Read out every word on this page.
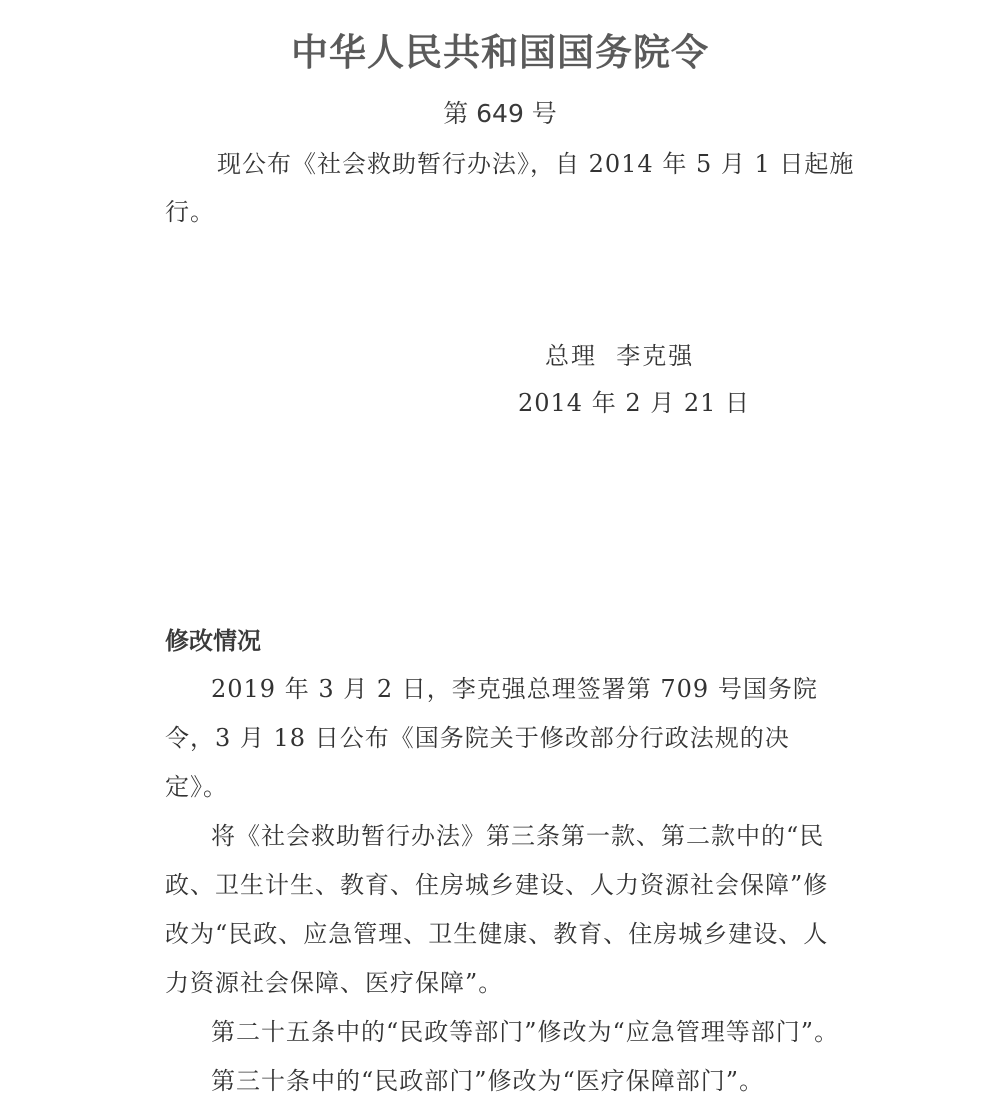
中华人民共和国国务院令
第 649 号

现公布《社会救助暂行办法》，自 2014 年 5 月 1 日起施行。

总理  李克强

2014 年 2 月 21 日

修改情况

2019 年 3 月 2 日，李克强总理签署第 709 号国务院令，3 月 18 日公布《国务院关于修改部分行政法规的决定》。

将《社会救助暂行办法》第三条第一款、第二款中的“民政、卫生计生、教育、住房城乡建设、人力资源社会保障”修改为“民政、应急管理、卫生健康、教育、住房城乡建设、人力资源社会保障、医疗保障”。

第二十五条中的“民政等部门”修改为“应急管理等部门”。

第三十条中的“民政部门”修改为“医疗保障部门”。
